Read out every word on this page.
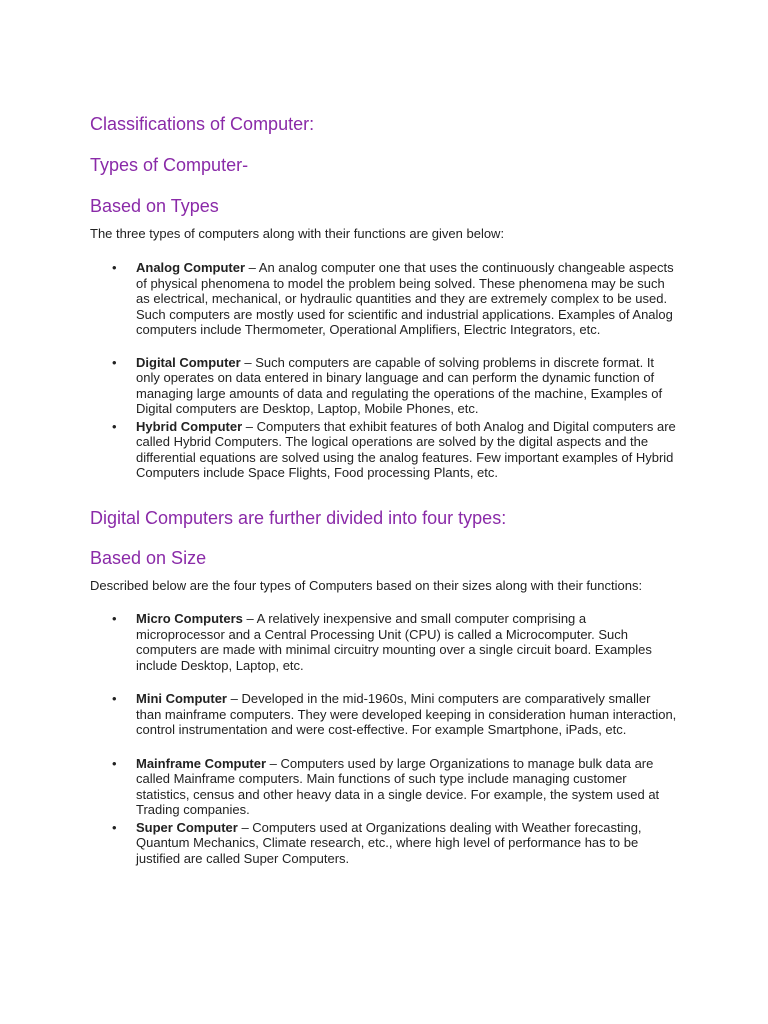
Classifications of Computer:
Types of Computer-
Based on Types

The three types of computers along with their functions are given below:

• Analog Computer – An analog computer one that uses the continuously changeable aspects of physical phenomena to model the problem being solved. These phenomena may be such as electrical, mechanical, or hydraulic quantities and they are extremely complex to be used. Such computers are mostly used for scientific and industrial applications. Examples of Analog computers include Thermometer, Operational Amplifiers, Electric Integrators, etc.
• Digital Computer – Such computers are capable of solving problems in discrete format. It only operates on data entered in binary language and can perform the dynamic function of managing large amounts of data and regulating the operations of the machine, Examples of Digital computers are Desktop, Laptop, Mobile Phones, etc.
• Hybrid Computer – Computers that exhibit features of both Analog and Digital computers are called Hybrid Computers. The logical operations are solved by the digital aspects and the differential equations are solved using the analog features. Few important examples of Hybrid Computers include Space Flights, Food processing Plants, etc.
Digital Computers are further divided into four types:
Based on Size

Described below are the four types of Computers based on their sizes along with their functions:

• Micro Computers – A relatively inexpensive and small computer comprising a microprocessor and a Central Processing Unit (CPU) is called a Microcomputer. Such computers are made with minimal circuitry mounting over a single circuit board. Examples include Desktop, Laptop, etc.
• Mini Computer – Developed in the mid-1960s, Mini computers are comparatively smaller than mainframe computers. They were developed keeping in consideration human interaction, control instrumentation and were cost-effective. For example Smartphone, iPads, etc.
• Mainframe Computer – Computers used by large Organizations to manage bulk data are called Mainframe computers. Main functions of such type include managing customer statistics, census and other heavy data in a single device. For example, the system used at Trading companies.
• Super Computer – Computers used at Organizations dealing with Weather forecasting, Quantum Mechanics, Climate research, etc., where high level of performance has to be justified are called Super Computers.
